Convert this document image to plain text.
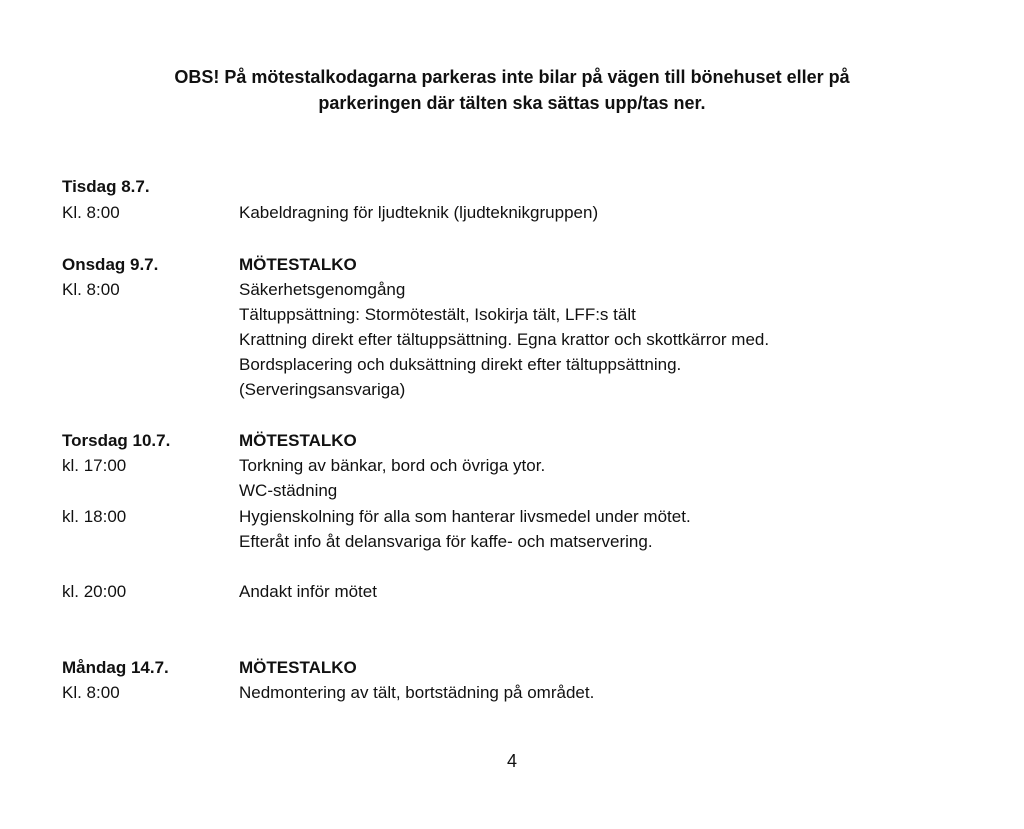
OBS! På mötestalkodagarna parkeras inte bilar på vägen till bönehuset eller på
parkeringen där tälten ska sättas upp/tas ner.
Tisdag 8.7.
Kl. 8:00	Kabeldragning för ljudteknik (ljudteknikgruppen)
Onsdag 9.7.	MÖTESTALKO
Kl. 8:00	Säkerhetsgenomgång
Tältuppsättning: Stormötestält, Isokirja tält, LFF:s tält
Krattning direkt efter tältuppsättning. Egna krattor och skottkärror med.
Bordsplacering och duksättning direkt efter tältuppsättning.
(Serveringsansvariga)
Torsdag 10.7.	MÖTESTALKO
kl. 17:00	Torkning av bänkar, bord och övriga ytor.
WC-städning
kl. 18:00	Hygienskolning för alla som hanterar livsmedel under mötet.
Efteråt info åt delansvariga för kaffe- och matservering.
kl. 20:00	Andakt inför mötet
Måndag 14.7.	MÖTESTALKO
Kl. 8:00	Nedmontering av tält, bortstädning på området.
4
